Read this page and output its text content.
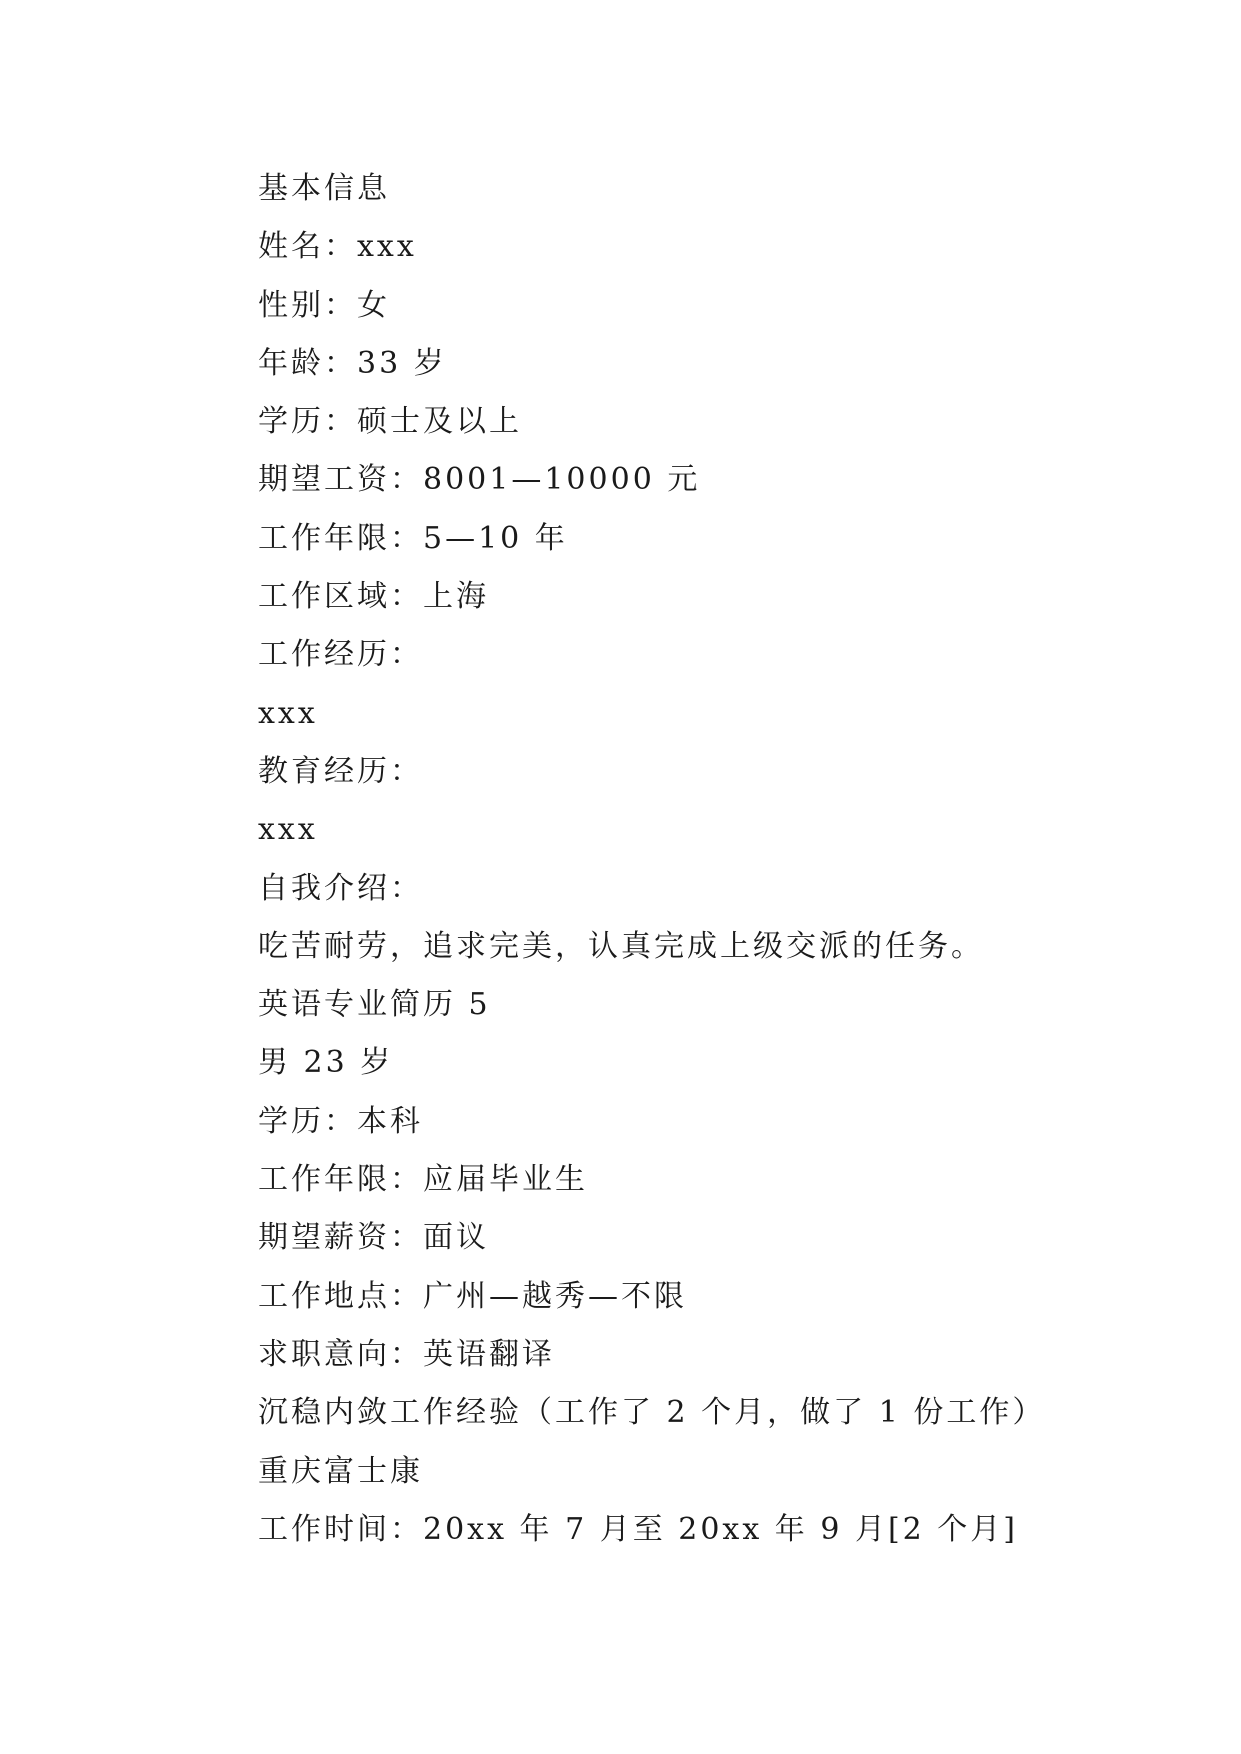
基本信息
姓名：xxx
性别：女
年龄：33 岁
学历：硕士及以上
期望工资：8001—10000 元
工作年限：5—10 年
工作区域：上海
工作经历：
xxx
教育经历：
xxx
自我介绍：
吃苦耐劳，追求完美，认真完成上级交派的任务。
英语专业简历 5
男 23 岁
学历：本科
工作年限：应届毕业生
期望薪资：面议
工作地点：广州—越秀—不限
求职意向：英语翻译
沉稳内敛工作经验（工作了 2 个月，做了 1 份工作）
重庆富士康
工作时间：20xx 年 7 月至 20xx 年 9 月[2 个月]
